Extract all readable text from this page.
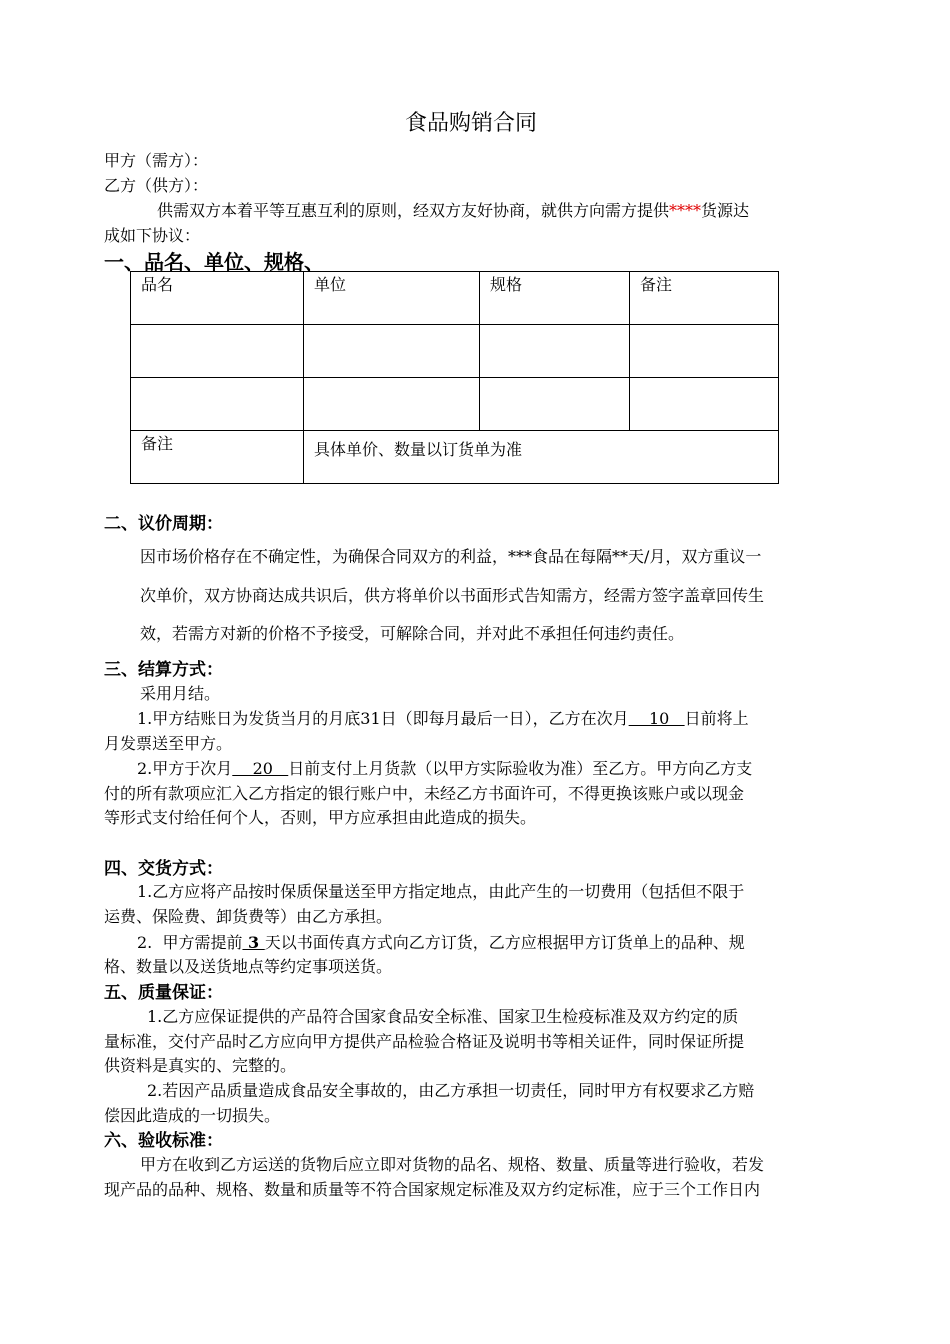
食品购销合同
甲方（需方）：
乙方（供方）：
供需双方本着平等互惠互利的原则，经双方友好协商，就供方向需方提供****货源达
成如下协议：
一、品名、单位、规格、
品名	单位	规格	备注

备注	具体单价、数量以订货单为准		
二、议价周期：
因市场价格存在不确定性，为确保合同双方的利益，***食品在每隔**天/月，双方重议一
次单价，双方协商达成共识后，供方将单价以书面形式告知需方，经需方签字盖章回传生
效，若需方对新的价格不予接受，可解除合同，并对此不承担任何违约责任。
三、结算方式：
采用月结。
1.甲方结账日为发货当月的月底31日（即每月最后一日），乙方在次月    10   日前将上
月发票送至甲方。
2.甲方于次月    20   日前支付上月货款（以甲方实际验收为准）至乙方。甲方向乙方支
付的所有款项应汇入乙方指定的银行账户中，未经乙方书面许可，不得更换该账户或以现金
等形式支付给任何个人，否则，甲方应承担由此造成的损失。
四、交货方式：
1.乙方应将产品按时保质保量送至甲方指定地点，由此产生的一切费用（包括但不限于
运费、保险费、卸货费等）由乙方承担。
2.  甲方需提前 3 天以书面传真方式向乙方订货，乙方应根据甲方订货单上的品种、规
格、数量以及送货地点等约定事项送货。
五、质量保证：
1.乙方应保证提供的产品符合国家食品安全标准、国家卫生检疫标准及双方约定的质
量标准，交付产品时乙方应向甲方提供产品检验合格证及说明书等相关证件，同时保证所提
供资料是真实的、完整的。
2.若因产品质量造成食品安全事故的，由乙方承担一切责任，同时甲方有权要求乙方赔
偿因此造成的一切损失。
六、验收标准：
甲方在收到乙方运送的货物后应立即对货物的品名、规格、数量、质量等进行验收，若发
现产品的品种、规格、数量和质量等不符合国家规定标准及双方约定标准，应于三个工作日内
